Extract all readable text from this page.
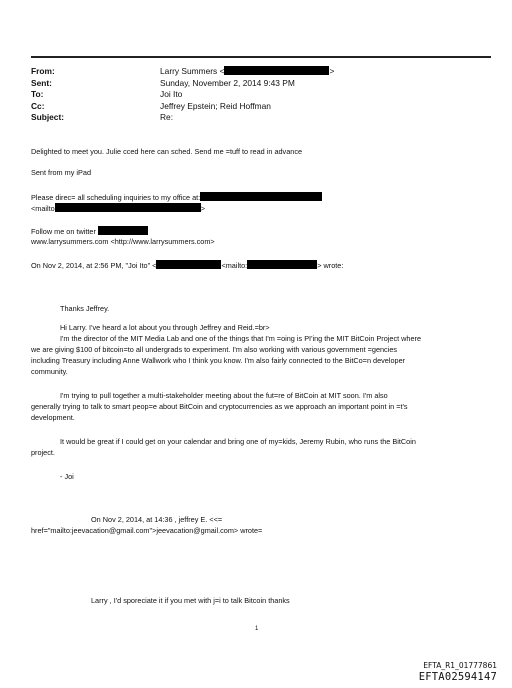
From:	Larry Summers <	>
Sent:	Sunday, November 2, 2014 9:43 PM
To:	Joi Ito
Cc:	Jeffrey Epstein; Reid Hoffman
Subject:	Re:

Delighted to meet you. Julie cced here can sched. Send me =tuff to read in advance

Sent from my iPad

Please direc= all scheduling inquiries to my office at:

<mailto	>

Follow me on twitter

www.larrysummers.com <http://www.larrysummers.com>

On Nov 2, 2014, at 2:56 PM, "Joi Ito" <	<mailto:	> wrote:

Thanks Jeffrey.

Hi Larry. I've heard a lot about you through Jeffrey and Reid.=br>

I'm the director of the MIT Media Lab and one of the things that I'm =oing is PI'ing the MIT BitCoin Project where

we are giving $100 of bitcoin=to all undergrads to experiment. I'm also working with various government =gencies

including Treasury including Anne Wallwork who I think you know. I'm also fairly connected to the BitCo=n developer

community.

I'm trying to pull together a multi-stakeholder meeting about the fut=re of BitCoin at MIT soon. I'm also

generally trying to talk to smart peop=e about BitCoin and cryptocurrencies as we approach an important point in =t's

development.

It would be great if I could get on your calendar and bring one of my=kids, Jeremy Rubin, who runs the BitCoin

project.

- Joi

On Nov 2, 2014, at 14:36 , jeffrey E. <<=

href="mailto:jeevacation@gmail.com">jeevacation@gmail.com> wrote=

Larry , I'd sporeciate it if you met with j=i to talk Bitcoin thanks

1
EFTA_R1_01777861
EFTA02594147
